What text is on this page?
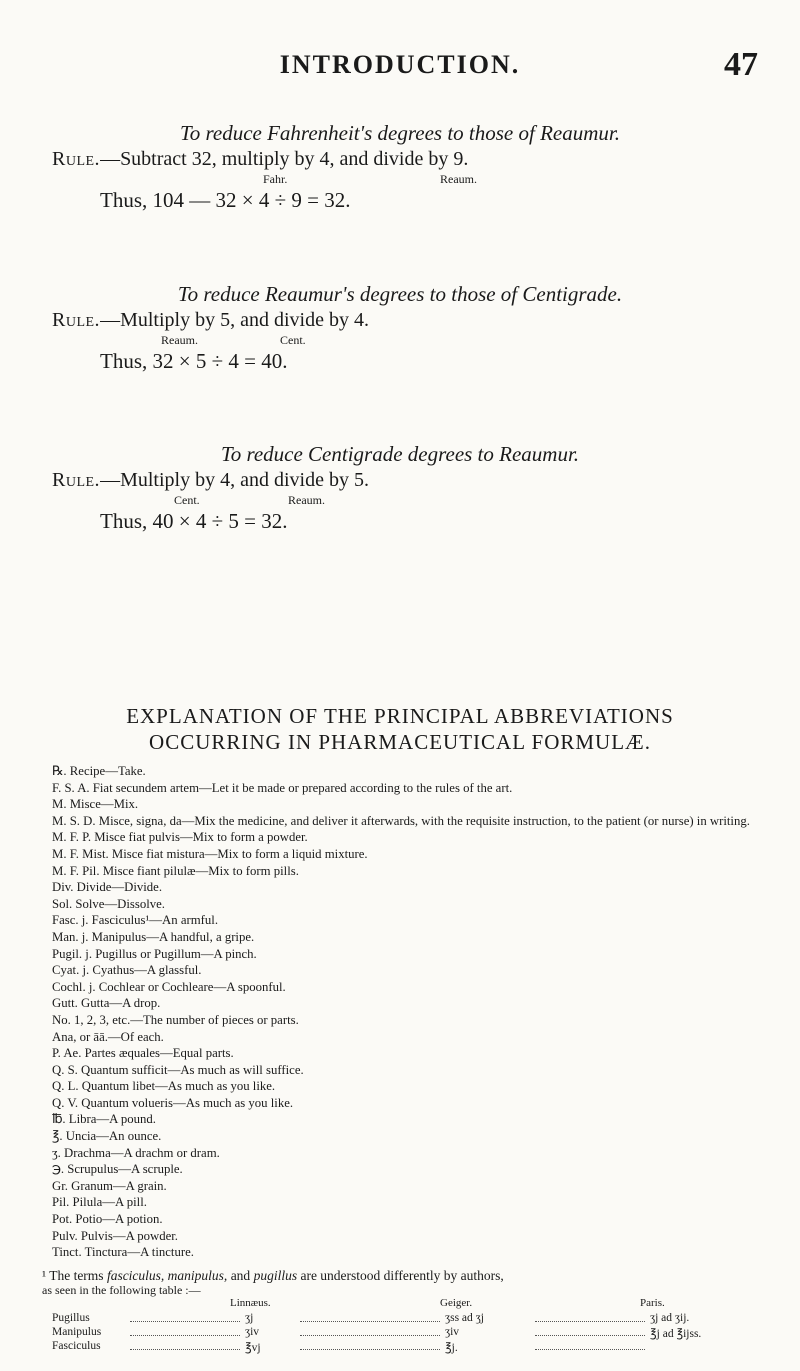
INTRODUCTION.	47
To reduce Fahrenheit's degrees to those of Reaumur.
Rule.—Subtract 32, multiply by 4, and divide by 9.
Fahr.	Reaum.
Thus, 104 — 32 × 4 ÷ 9 = 32.
To reduce Reaumur's degrees to those of Centigrade.
Rule.—Multiply by 5, and divide by 4.
Reaum.	Cent.
Thus, 32 × 5 ÷ 4 = 40.
To reduce Centigrade degrees to Reaumur.
Rule.—Multiply by 4, and divide by 5.
Cent.	Reaum.
Thus, 40 × 4 ÷ 5 = 32.
EXPLANATION OF THE PRINCIPAL ABBREVIATIONS
OCCURRING IN PHARMACEUTICAL FORMULÆ.
℞. Recipe—Take.
F. S. A. Fiat secundem artem—Let it be made or prepared according to the rules of the art.
M. Misce—Mix.
M. S. D. Misce, signa, da—Mix the medicine, and deliver it afterwards, with the requisite instruction, to the patient (or nurse) in writing.
M. F. P. Misce fiat pulvis—Mix to form a powder.
M. F. Mist. Misce fiat mistura—Mix to form a liquid mixture.
M. F. Pil. Misce fiant pilulæ—Mix to form pills.
Div. Divide—Divide.
Sol. Solve—Dissolve.
Fasc. j. Fasciculus¹—An armful.
Man. j. Manipulus—A handful, a gripe.
Pugil. j. Pugillus or Pugillum—A pinch.
Cyat. j. Cyathus—A glassful.
Cochl. j. Cochlear or Cochleare—A spoonful.
Gutt. Gutta—A drop.
No. 1, 2, 3, etc.—The number of pieces or parts.
Ana, or āā.—Of each.
P. Ae. Partes æquales—Equal parts.
Q. S. Quantum sufficit—As much as will suffice.
Q. L. Quantum libet—As much as you like.
Q. V. Quantum volueris—As much as you like.
℔. Libra—A pound.
℥. Uncia—An ounce.
ʒ. Drachma—A drachm or dram.
℈. Scrupulus—A scruple.
Gr. Granum—A grain.
Pil. Pilula—A pill.
Pot. Potio—A potion.
Pulv. Pulvis—A powder.
Tinct. Tinctura—A tincture.
¹ The terms fasciculus, manipulus, and pugillus are understood differently by authors,
as seen in the following table :—
Linnæus.	Geiger.	Paris.
Pugillus	ʒj	ʒss ad ʒj	ʒj ad ʒij.
Manipulus	ʒiv	ʒiv	℥j ad ℥ijss.
Fasciculus	℥vj	℥j.
